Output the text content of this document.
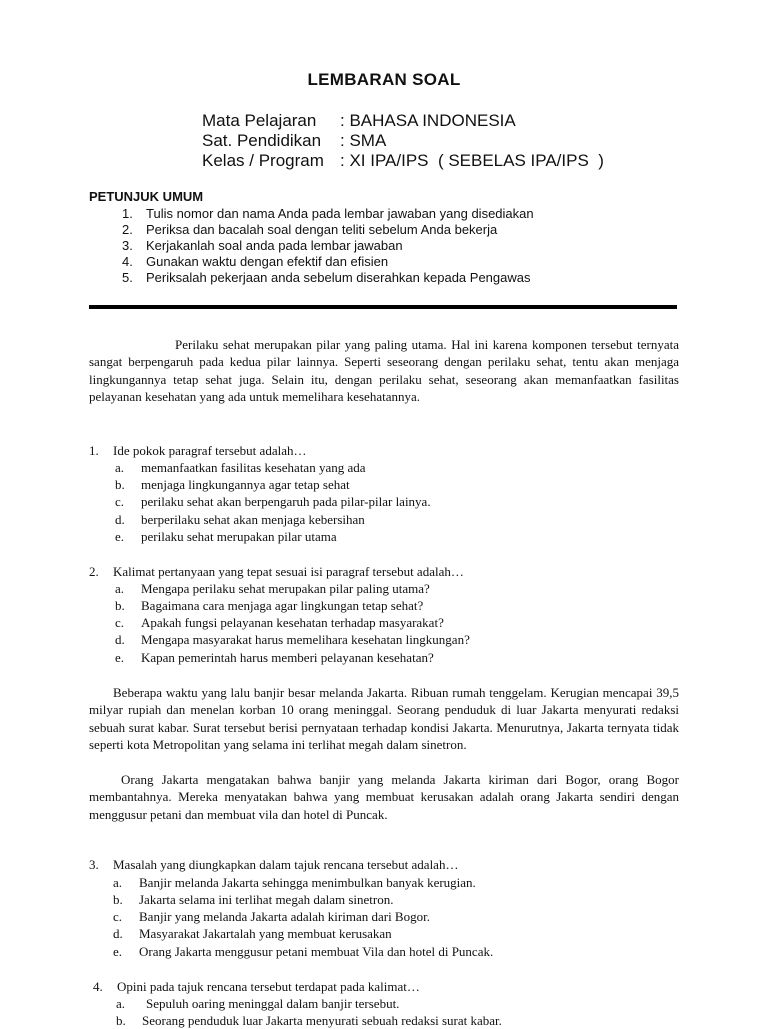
LEMBARAN SOAL
Mata Pelajaran : BAHASA INDONESIA
Sat. Pendidikan : SMA
Kelas / Program : XI IPA/IPS  ( SEBELAS IPA/IPS  )
PETUNJUK UMUM
1. Tulis nomor dan nama Anda pada lembar jawaban yang disediakan
2. Periksa dan bacalah soal dengan teliti sebelum Anda bekerja
3. Kerjakanlah soal anda pada lembar jawaban
4. Gunakan waktu dengan efektif dan efisien
5. Periksalah pekerjaan anda sebelum diserahkan kepada Pengawas
Perilaku sehat merupakan pilar yang paling utama. Hal ini karena komponen tersebut ternyata sangat berpengaruh pada kedua pilar lainnya. Seperti seseorang dengan perilaku sehat, tentu akan menjaga lingkungannya tetap sehat juga. Selain itu, dengan perilaku sehat, seseorang akan memanfaatkan fasilitas pelayanan kesehatan yang ada untuk memelihara kesehatannya.
1. Ide pokok paragraf tersebut adalah…
a. memanfaatkan fasilitas kesehatan yang ada
b. menjaga lingkungannya agar tetap sehat
c. perilaku sehat akan berpengaruh pada pilar-pilar lainya.
d. berperilaku sehat akan menjaga kebersihan
e. perilaku sehat merupakan pilar utama
2. Kalimat pertanyaan yang tepat sesuai isi paragraf tersebut adalah…
a. Mengapa perilaku sehat merupakan pilar paling utama?
b. Bagaimana cara menjaga agar lingkungan tetap sehat?
c. Apakah fungsi pelayanan kesehatan terhadap masyarakat?
d. Mengapa masyarakat harus memelihara kesehatan lingkungan?
e. Kapan pemerintah harus memberi pelayanan kesehatan?
Beberapa waktu yang lalu banjir besar melanda Jakarta. Ribuan rumah tenggelam. Kerugian mencapai 39,5 milyar rupiah dan menelan korban 10 orang meninggal. Seorang penduduk di luar Jakarta menyurati redaksi sebuah surat kabar. Surat tersebut berisi pernyataan terhadap kondisi Jakarta. Menurutnya, Jakarta ternyata tidak seperti kota Metropolitan yang selama ini terlihat megah dalam sinetron.
Orang Jakarta mengatakan bahwa banjir yang melanda Jakarta kiriman dari Bogor, orang Bogor membantahnya. Mereka menyatakan bahwa yang membuat kerusakan adalah orang Jakarta sendiri dengan menggusur petani dan membuat vila dan hotel di Puncak.
3. Masalah yang diungkapkan dalam tajuk rencana tersebut adalah…
a. Banjir melanda Jakarta sehingga menimbulkan banyak kerugian.
b. Jakarta selama ini terlihat megah dalam sinetron.
c. Banjir yang melanda Jakarta adalah kiriman dari Bogor.
d. Masyarakat Jakartalah yang membuat kerusakan
e. Orang Jakarta menggusur petani membuat Vila dan hotel di Puncak.
4. Opini pada tajuk rencana tersebut terdapat pada kalimat…
a. Sepuluh oaring meninggal dalam banjir tersebut.
b. Seorang penduduk luar Jakarta menyurati sebuah redaksi surat kabar.
